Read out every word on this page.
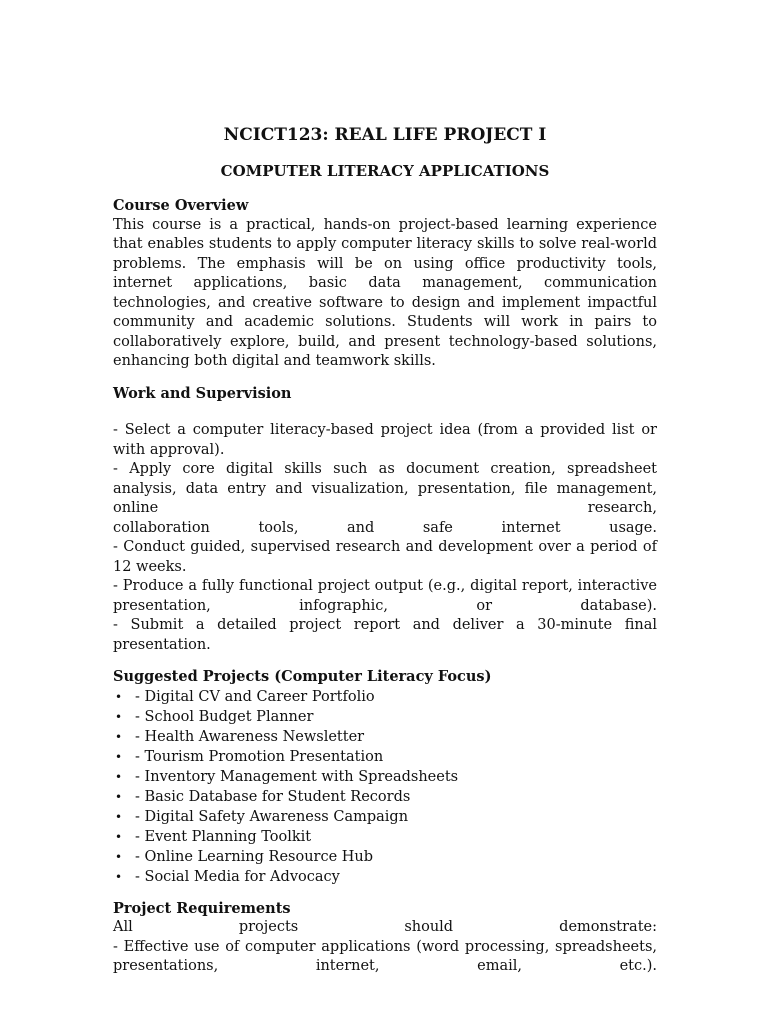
NCICT123: REAL LIFE PROJECT I
COMPUTER LITERACY APPLICATIONS

Course Overview

This course is a practical, hands-on project-based learning experience that enables students to apply computer literacy skills to solve real-world problems. The emphasis will be on using office productivity tools, internet applications, basic data management, communication technologies, and creative software to design and implement impactful community and academic solutions. Students will work in pairs to collaboratively explore, build, and present technology-based solutions, enhancing both digital and teamwork skills.

Work and Supervision

- Select a computer literacy-based project idea (from a provided list or with approval).

- Apply core digital skills such as document creation, spreadsheet analysis, data entry and visualization, presentation, file management, online research,

collaboration tools, and safe internet usage.

- Conduct guided, supervised research and development over a period of 12 weeks.

- Produce a fully functional project output (e.g., digital report, interactive

presentation, infographic, or database).

- Submit a detailed project report and deliver a 30-minute final presentation.

Suggested Projects (Computer Literacy Focus)

• - Digital CV and Career Portfolio
• - School Budget Planner
• - Health Awareness Newsletter
• - Tourism Promotion Presentation
• - Inventory Management with Spreadsheets
• - Basic Database for Student Records
• - Digital Safety Awareness Campaign
• - Event Planning Toolkit
• - Online Learning Resource Hub
• - Social Media for Advocacy

Project Requirements

All projects should demonstrate:

- Effective use of computer applications (word processing, spreadsheets,

presentations, internet, email, etc.).
